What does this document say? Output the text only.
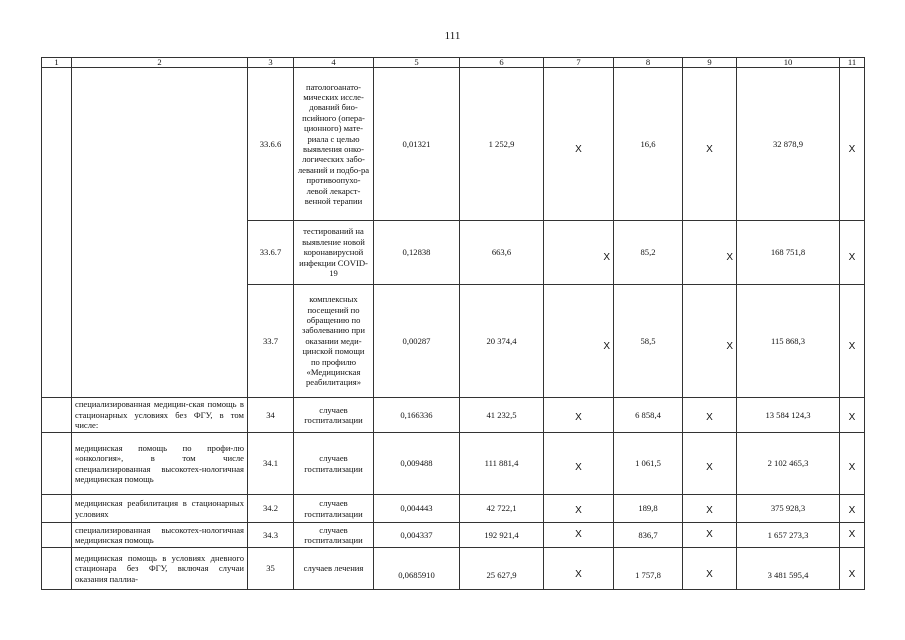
111
1	2	3	4	5	6	7	8	9	10	11
		33.6.6	патологоанато-мических иссле-дований био-псийного (опера-ционного) мате-риала с целью выявления онко-логических забо-леваний и подбо-ра противоопухо-левой лекарст-венной терапии	0,01321	1 252,9	X	16,6	X	32 878,9	X
		33.6.7	тестирований на выявление новой коронавирусной инфекции COVID-19	0,12838	663,6	X	85,2	X	168 751,8	X
		33.7	комплексных посещений по обращению по заболеванию при оказании меди-цинской помощи по профилю «Медицинская реабилитация»	0,00287	20 374,4	X	58,5	X	115 868,3	X
	специализированная медицин-ская помощь в стационарных условиях без ФГУ, в том числе:	34	случаев госпитализации	0,166336	41 232,5	X	6 858,4	X	13 584 124,3	X
	медицинская помощь по профи-лю «онкология», в том числе специализированная высокотех-нологичная медицинская помощь	34.1	случаев госпитализации	0,009488	111 881,4	X	1 061,5	X	2 102 465,3	X
	медицинская реабилитация в стационарных условиях	34.2	случаев госпитализации	0,004443	42 722,1	X	189,8	X	375 928,3	X
	специализированная высокотех-нологичная медицинская помощь	34.3	случаев госпитализации	0,004337	192 921,4	X	836,7	X	1 657 273,3	X
	медицинская помощь в условиях дневного стационара без ФГУ, включая случаи оказания паллиа-	35	случаев лечения	0,0685910	25 627,9	X	1 757,8	X	3 481 595,4	X
